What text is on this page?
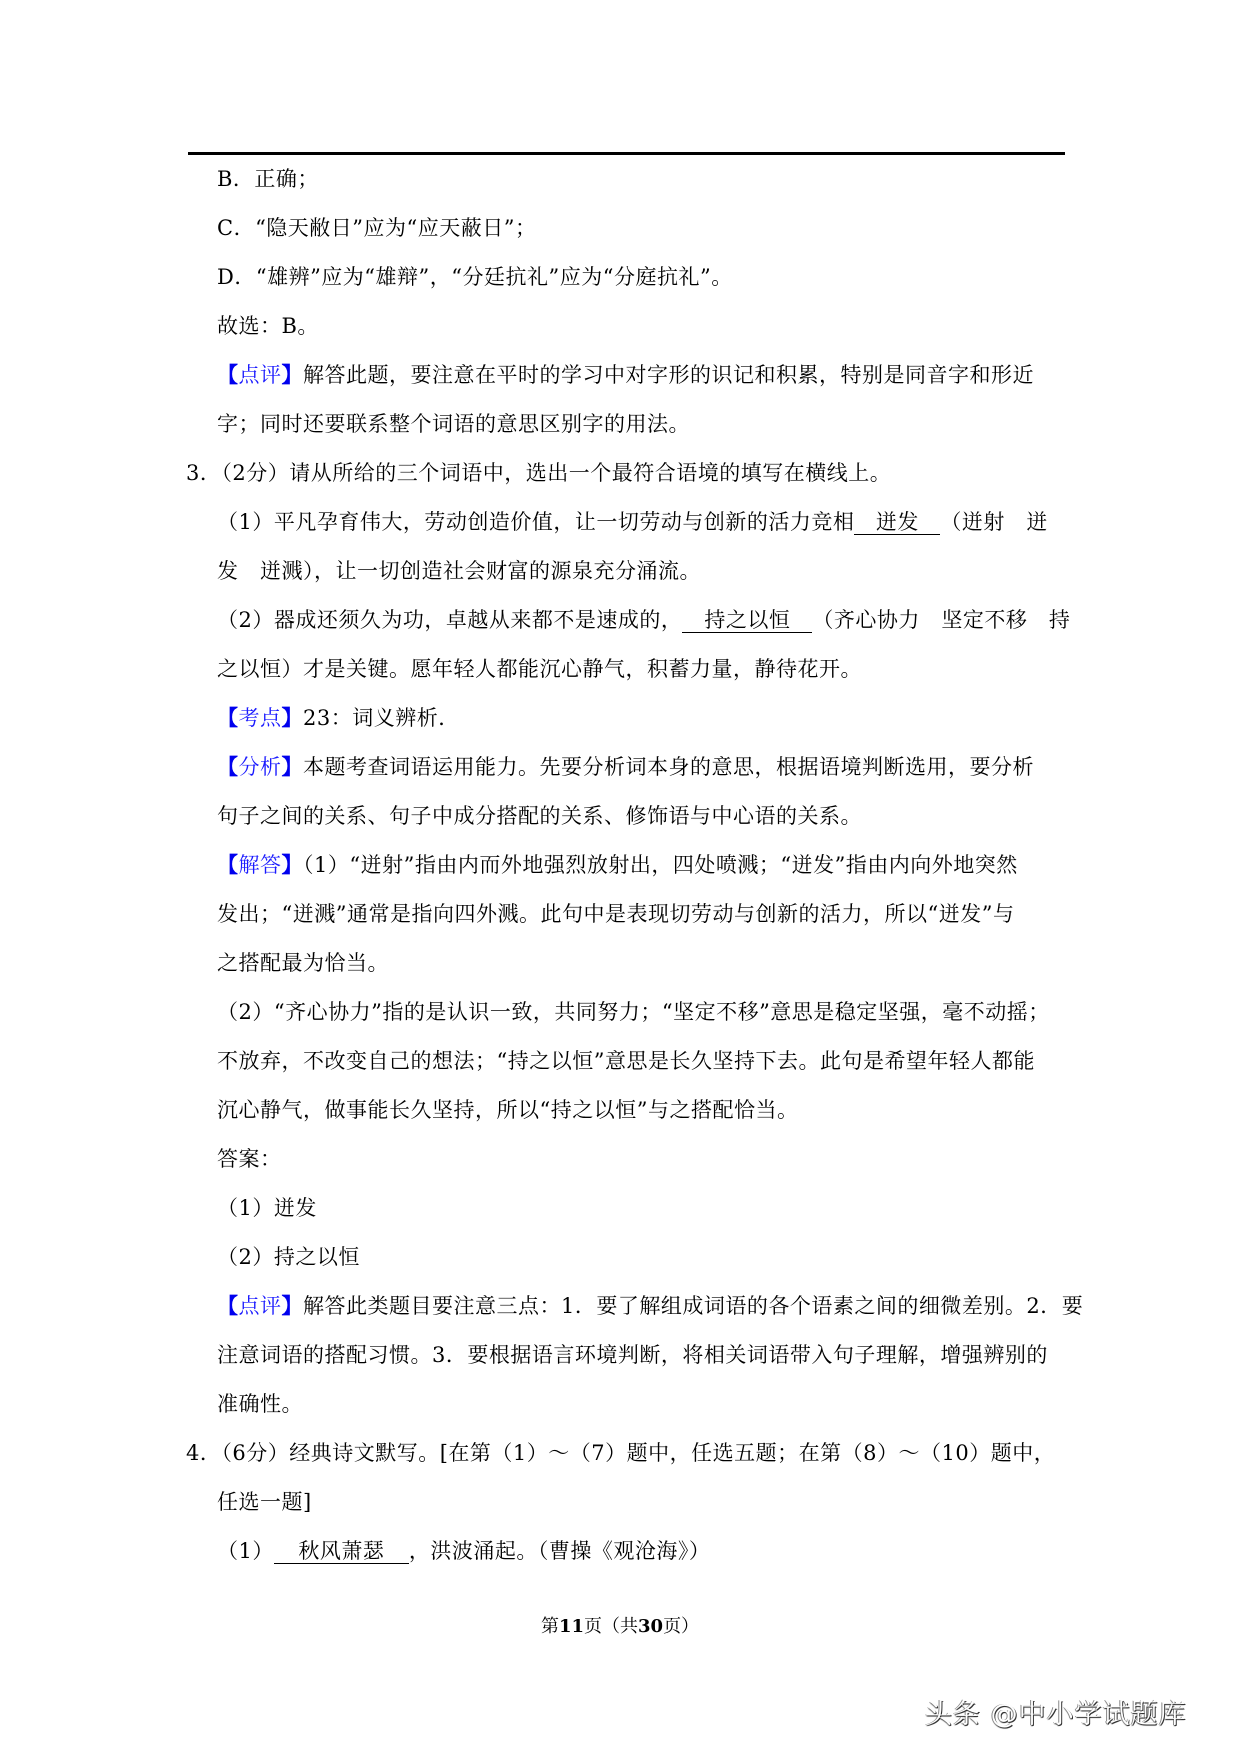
B．正确；
C．“隐天敝日”应为“应天蔽日”；
D．“雄辨”应为“雄辩”，“分廷抗礼”应为“分庭抗礼”。
故选：B。
【点评】解答此题，要注意在平时的学习中对字形的识记和积累，特别是同音字和形近
字；同时还要联系整个词语的意思区别字的用法。
3．（2分）请从所给的三个词语中，选出一个最符合语境的填写在横线上。
（1）平凡孕育伟大，劳动创造价值，让一切劳动与创新的活力竞相 迸发 （迸射　迸
发　迸溅），让一切创造社会财富的源泉充分涌流。
（2）器成还须久为功，卓越从来都不是速成的， 持之以恒 （齐心协力　坚定不移　持
之以恒）才是关键。愿年轻人都能沉心静气，积蓄力量，静待花开。
【考点】23：词义辨析．
【分析】本题考查词语运用能力。先要分析词本身的意思，根据语境判断选用，要分析
句子之间的关系、句子中成分搭配的关系、修饰语与中心语的关系。
【解答】（1）“迸射”指由内而外地强烈放射出，四处喷溅；“迸发”指由内向外地突然
发出；“迸溅”通常是指向四外溅。此句中是表现切劳动与创新的活力，所以“迸发”与
之搭配最为恰当。
（2）“齐心协力”指的是认识一致，共同努力；“坚定不移”意思是稳定坚强，毫不动摇；
不放弃，不改变自己的想法；“持之以恒”意思是长久坚持下去。此句是希望年轻人都能
沉心静气，做事能长久坚持，所以“持之以恒”与之搭配恰当。
答案：
（1）迸发
（2）持之以恒
【点评】解答此类题目要注意三点：1．要了解组成词语的各个语素之间的细微差别。2．要
注意词语的搭配习惯。3．要根据语言环境判断，将相关词语带入句子理解，增强辨别的
准确性。
4．（6分）经典诗文默写。[在第（1）～（7）题中，任选五题；在第（8）～（10）题中，
任选一题]
（1） 秋风萧瑟 ，洪波涌起。（曹操《观沧海》）
第11页（共30页）
头条 @中小学试题库
